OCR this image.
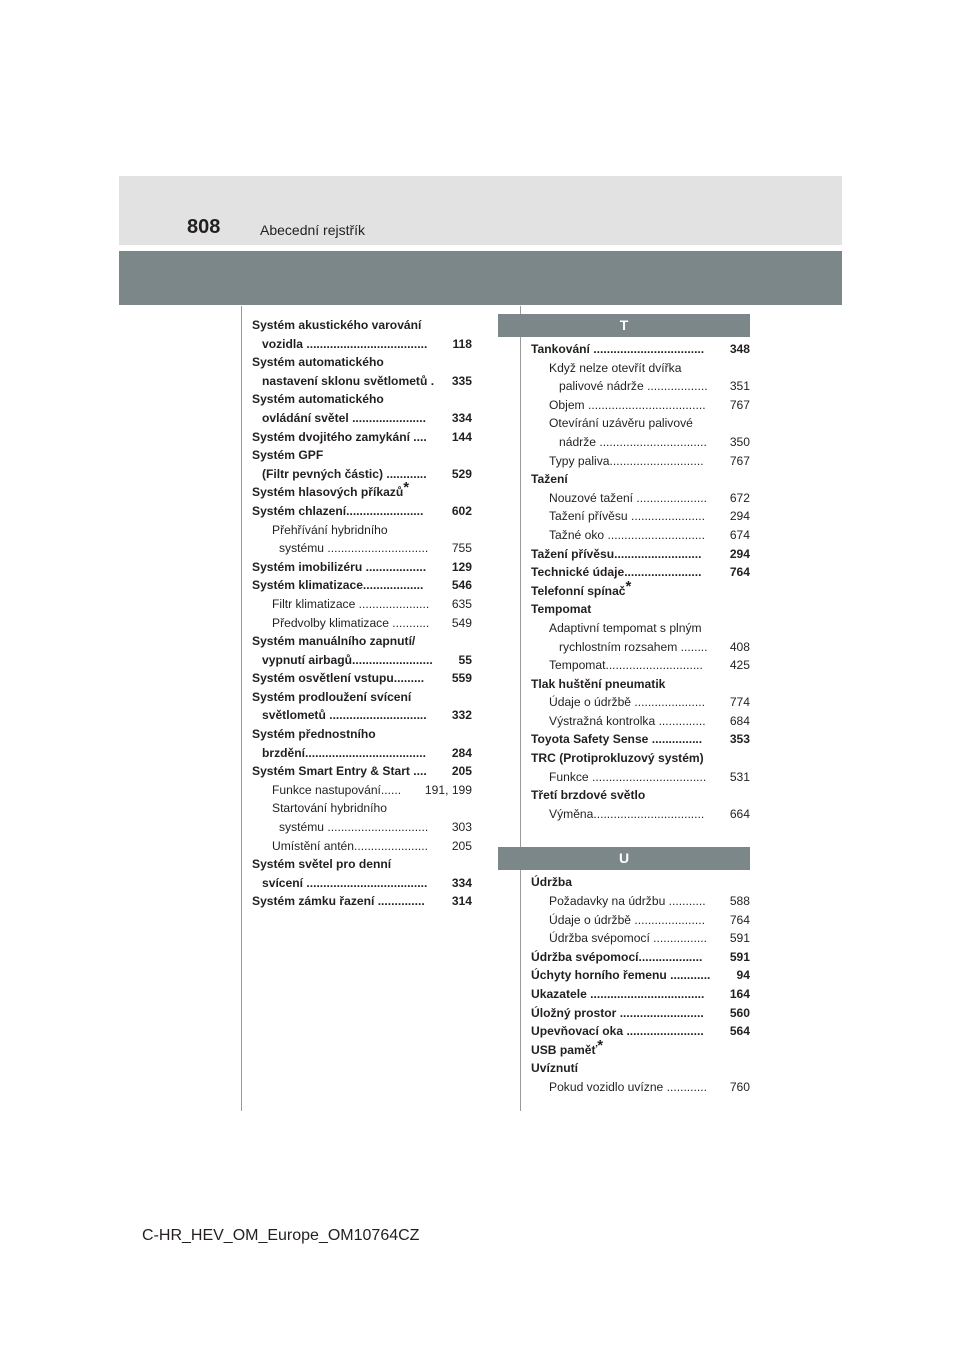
808	Abecední rejstřík
Systém akustického varování
vozidla .................................... 118
Systém automatického
nastavení sklonu světlometů . 335
Systém automatického
ovládání světel ...................... 334
Systém dvojitého zamykání .... 144
Systém GPF
(Filtr pevných částic) ............ 529
Systém hlasových příkazů*
Systém chlazení....................... 602
Přehřívání hybridního
systému .............................. 755
Systém imobilizéru .................. 129
Systém klimatizace.................. 546
Filtr klimatizace ..................... 635
Předvolby klimatizace ........... 549
Systém manuálního zapnutí/
vypnutí airbagů........................ 55
Systém osvětlení vstupu......... 559
Systém prodloužení svícení
světlometů ............................. 332
Systém přednostního
brzdění.................................... 284
Systém Smart Entry & Start .... 205
Funkce nastupování...... 191, 199
Startování hybridního
systému .............................. 303
Umístění antén...................... 205
Systém světel pro denní
svícení .................................... 334
Systém zámku řazení .............. 314
T
Tankování ................................. 348
Když nelze otevřít dvířka
palivové nádrže .................. 351
Objem ................................... 767
Otevírání uzávěru palivové
nádrže ................................ 350
Typy paliva............................ 767
Tažení
Nouzové tažení ..................... 672
Tažení přívěsu ...................... 294
Tažné oko ............................. 674
Tažení přívěsu.......................... 294
Technické údaje....................... 764
Telefonní spínač*
Tempomat
Adaptivní tempomat s plným
rychlostním rozsahem ........ 408
Tempomat............................. 425
Tlak huštění pneumatik
Údaje o údržbě ..................... 774
Výstražná kontrolka .............. 684
Toyota Safety Sense ............... 353
TRC (Protiprokluzový systém)
Funkce .................................. 531
Třetí brzdové světlo
Výměna................................. 664
U
Údržba
Požadavky na údržbu ........... 588
Údaje o údržbě ..................... 764
Údržba svépomocí ................ 591
Údržba svépomocí................... 591
Úchyty horního řemenu ............ 94
Ukazatele .................................. 164
Úložný prostor ......................... 560
Upevňovací oka ....................... 564
USB paměť*
Uvíznutí
Pokud vozidlo uvízne ............ 760
C-HR_HEV_OM_Europe_OM10764CZ
